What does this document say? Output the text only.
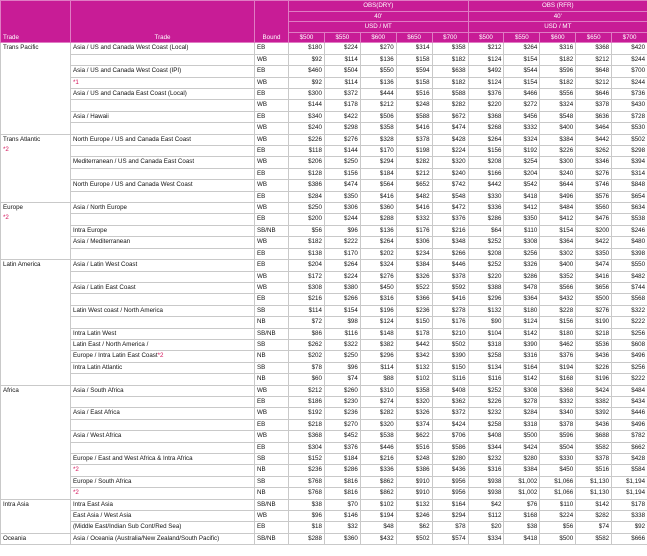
Trade	Trade	Bound	OBS(DRY)					OBS (RFR)				
			40'					40'				
			USD / MT					USD / MT				
			$500	$550	$600	$650	$700	$500	$550	$600	$650	$700

Trans Pacific	Asia / US and Canada West Coast (Local)	EB	$180	$224	$270	$314	$358	$212	$264	$316	$368	$420
		WB	$92	$114	$136	$158	$182	$124	$154	$182	$212	$244
	Asia / US and Canada West Coast (IPI)	EB	$460	$504	$550	$594	$638	$492	$544	$596	$648	$700
	*1	WB	$92	$114	$136	$158	$182	$124	$154	$182	$212	$244
	Asia / US and Canada East Coast (Local)	EB	$300	$372	$444	$516	$588	$376	$466	$556	$646	$736
		WB	$144	$178	$212	$248	$282	$220	$272	$324	$378	$430
	Asia / Hawaii	EB	$340	$422	$506	$588	$672	$368	$456	$548	$636	$728
		WB	$240	$298	$358	$416	$474	$268	$332	$400	$464	$530

Trans Atlantic
*2	North Europe / US and Canada East Coast	WB	$226	$276	$328	$378	$428	$264	$324	$384	$442	$502
		EB	$118	$144	$170	$198	$224	$156	$192	$226	$262	$298
	Mediterranean / US and Canada East Coast	WB	$206	$250	$294	$282	$320	$208	$254	$300	$346	$394
		EB	$128	$156	$184	$212	$240	$166	$204	$240	$276	$314
	North Europe / US and Canada West Coast	WB	$386	$474	$564	$652	$742	$442	$542	$644	$746	$848
		EB	$284	$350	$416	$482	$548	$330	$418	$496	$576	$654

Europe
*2	Asia / North Europe	WB	$250	$306	$360	$416	$472	$336	$412	$484	$560	$634
		EB	$200	$244	$288	$332	$376	$286	$350	$412	$476	$538
	Intra Europe	SB/NB	$56	$96	$136	$176	$216	$64	$110	$154	$200	$246
	Asia / Mediterranean	WB	$182	$222	$264	$306	$348	$252	$308	$364	$422	$480
		EB	$138	$170	$202	$234	$266	$208	$256	$302	$350	$398

Latin America	Asia / Latin West Coast	EB	$204	$264	$324	$384	$446	$252	$326	$400	$474	$550
		WB	$172	$224	$276	$326	$378	$220	$286	$352	$416	$482
	Asia / Latin East Coast	WB	$308	$380	$450	$522	$592	$388	$478	$566	$656	$744
		EB	$216	$266	$316	$366	$416	$296	$364	$432	$500	$568
	Latin West coast / North America	SB	$114	$154	$196	$236	$278	$132	$180	$228	$276	$322
		NB	$72	$98	$124	$150	$176	$90	$124	$156	$190	$222
	Intra Latin West	SB/NB	$86	$116	$148	$178	$210	$104	$142	$180	$218	$256
	Latin East / North America /	SB	$262	$322	$382	$442	$502	$318	$390	$462	$536	$608
	Europe / Intra Latin East Coast*2	NB	$202	$250	$296	$342	$390	$258	$316	$376	$436	$496
	Intra Latin Atlantic	SB	$78	$96	$114	$132	$150	$134	$164	$194	$226	$256
		NB	$60	$74	$88	$102	$116	$116	$142	$168	$196	$222

Africa	Asia / South Africa	WB	$212	$260	$310	$358	$408	$252	$308	$368	$424	$484
		EB	$186	$230	$274	$320	$362	$226	$278	$332	$382	$434
	Asia / East Africa	WB	$192	$236	$282	$326	$372	$232	$284	$340	$392	$446
		EB	$218	$270	$320	$374	$424	$258	$318	$378	$436	$496
	Asia / West Africa	WB	$368	$452	$538	$622	$706	$408	$500	$596	$688	$782
		EB	$304	$376	$446	$516	$586	$344	$424	$504	$582	$662
	Europe / East and West Africa & Intra Africa	SB	$152	$184	$216	$248	$280	$232	$280	$330	$378	$428
	*2	NB	$236	$286	$336	$386	$436	$316	$384	$450	$516	$584
	Europe / South Africa	SB	$768	$816	$862	$910	$956	$938	$1,002	$1,066	$1,130	$1,194
	*2	NB	$768	$816	$862	$910	$956	$938	$1,002	$1,066	$1,130	$1,194

Intra Asia	Intra East Asia	SB/NB	$38	$70	$102	$132	$164	$42	$76	$110	$142	$178
	East Asia / West Asia	WB	$96	$146	$194	$246	$294	$112	$168	$224	$282	$338
	(Middle East/Indian Sub Cont/Red Sea)	EB	$18	$32	$48	$62	$78	$20	$38	$56	$74	$92

Oceania	Asia / Oceania (Australia/New Zealand/South Pacific)	SB/NB	$288	$360	$432	$502	$574	$334	$418	$500	$582	$666
